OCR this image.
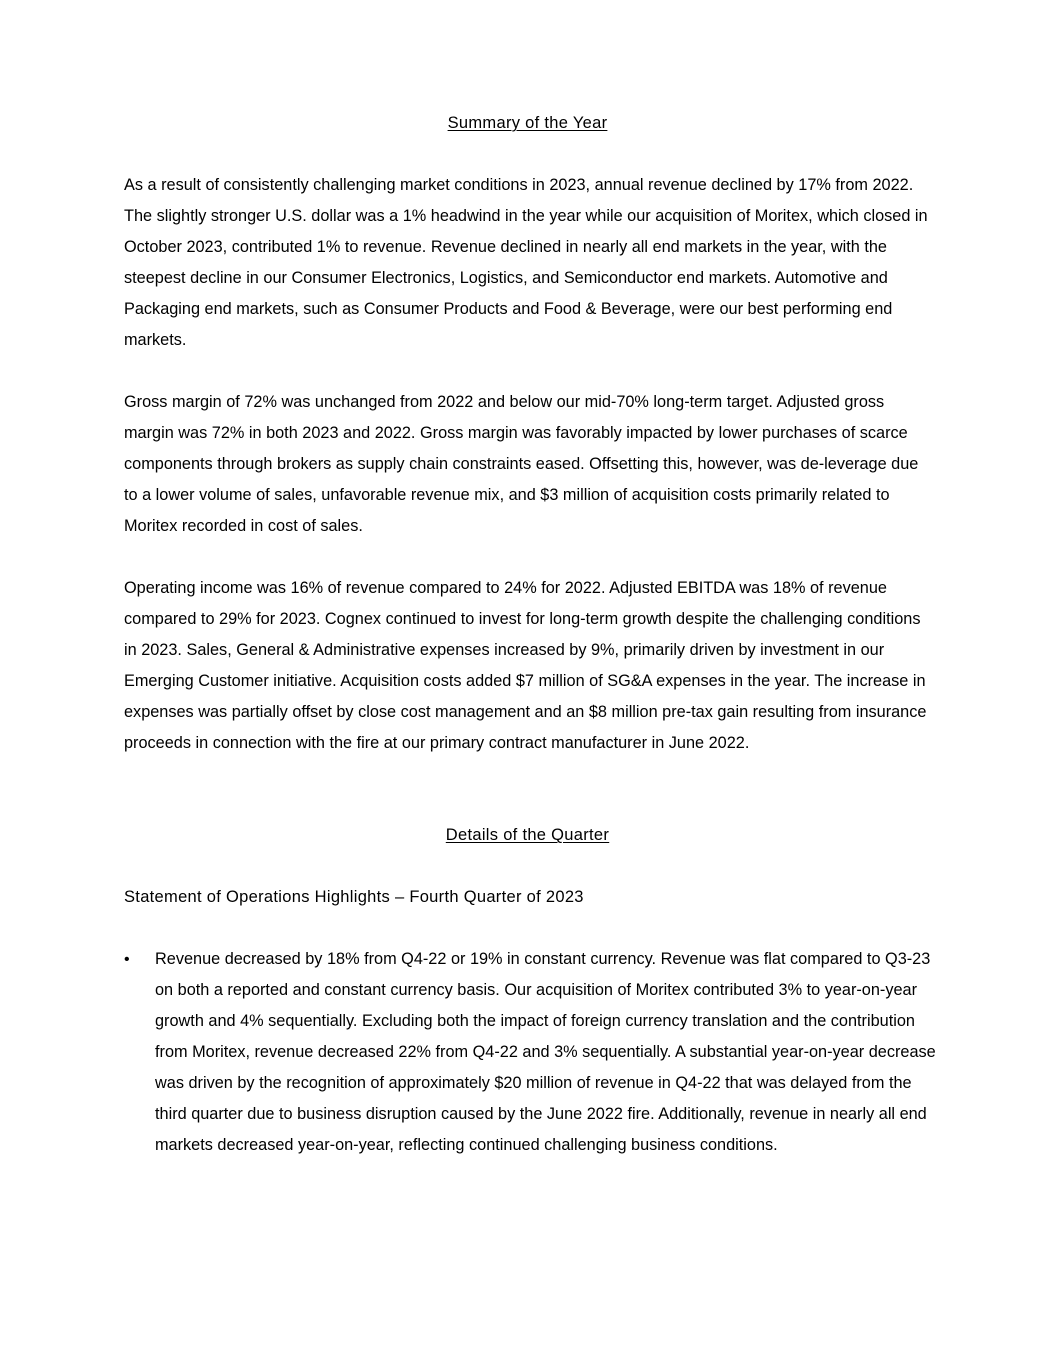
Summary of the Year

As a result of consistently challenging market conditions in 2023, annual revenue declined by 17% from 2022. The slightly stronger U.S. dollar was a 1% headwind in the year while our acquisition of Moritex, which closed in October 2023, contributed 1% to revenue. Revenue declined in nearly all end markets in the year, with the steepest decline in our Consumer Electronics, Logistics, and Semiconductor end markets. Automotive and Packaging end markets, such as Consumer Products and Food & Beverage, were our best performing end markets.

Gross margin of 72% was unchanged from 2022 and below our mid-70% long-term target. Adjusted gross margin was 72% in both 2023 and 2022. Gross margin was favorably impacted by lower purchases of scarce components through brokers as supply chain constraints eased. Offsetting this, however, was de-leverage due to a lower volume of sales, unfavorable revenue mix, and $3 million of acquisition costs primarily related to Moritex recorded in cost of sales.

Operating income was 16% of revenue compared to 24% for 2022. Adjusted EBITDA was 18% of revenue compared to 29% for 2023. Cognex continued to invest for long-term growth despite the challenging conditions in 2023. Sales, General & Administrative expenses increased by 9%, primarily driven by investment in our Emerging Customer initiative. Acquisition costs added $7 million of SG&A expenses in the year. The increase in expenses was partially offset by close cost management and an $8 million pre-tax gain resulting from insurance proceeds in connection with the fire at our primary contract manufacturer in June 2022.

Details of the Quarter
Statement of Operations Highlights – Fourth Quarter of 2023
• Revenue decreased by 18% from Q4-22 or 19% in constant currency. Revenue was flat compared to Q3-23 on both a reported and constant currency basis. Our acquisition of Moritex contributed 3% to year-on-year growth and 4% sequentially. Excluding both the impact of foreign currency translation and the contribution from Moritex, revenue decreased 22% from Q4-22 and 3% sequentially. A substantial year-on-year decrease was driven by the recognition of approximately $20 million of revenue in Q4-22 that was delayed from the third quarter due to business disruption caused by the June 2022 fire. Additionally, revenue in nearly all end markets decreased year-on-year, reflecting continued challenging business conditions.
